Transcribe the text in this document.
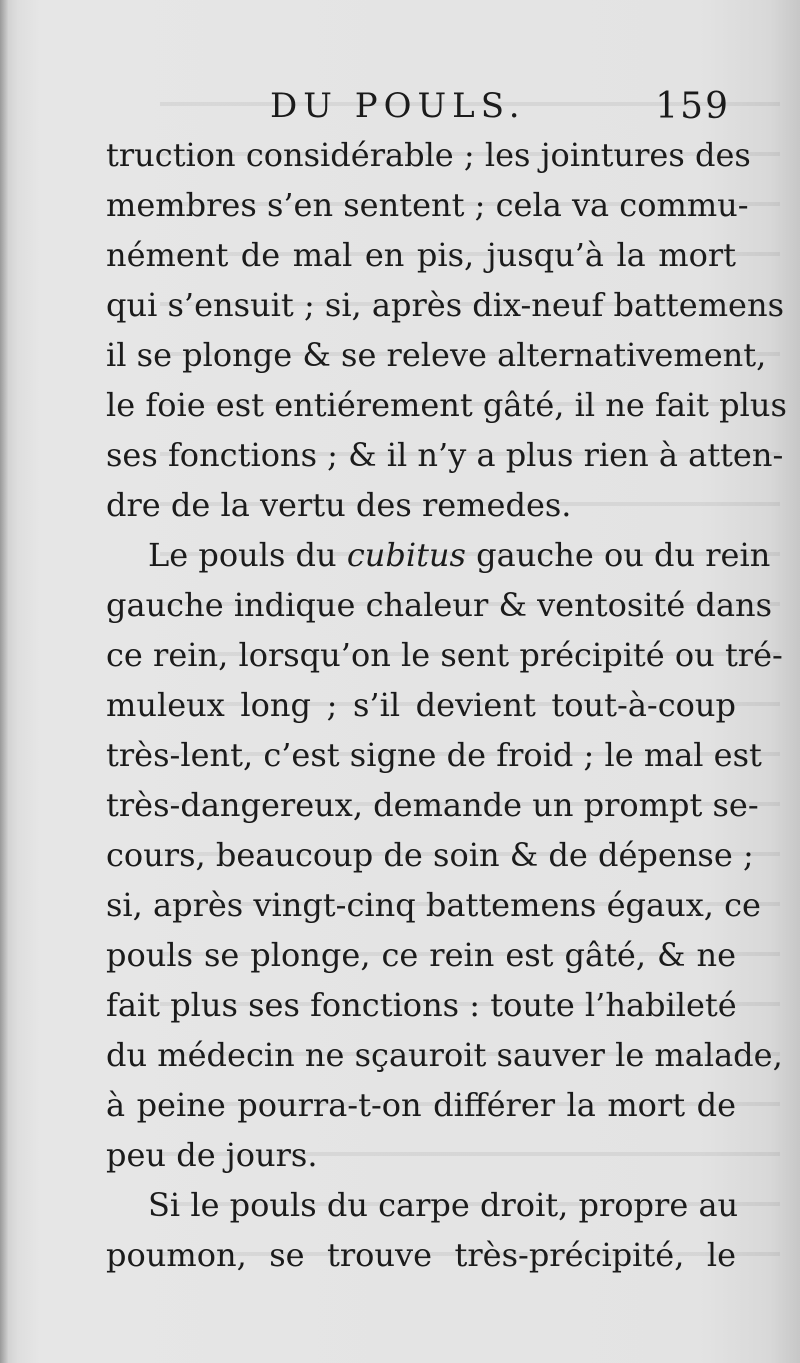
DU POULS.	159
truction considérable ; les jointures des
membres s’en sentent ; cela va commu-
nément de mal en pis, jusqu’à la mort
qui s’ensuit ; si, après dix-neuf battemens
il se plonge & se releve alternativement,
le foie est entiérement gâté, il ne fait plus
ses fonctions ; & il n’y a plus rien à atten-
dre de la vertu des remedes.
Le pouls du cubitus gauche ou du rein
gauche indique chaleur & ventosité dans
ce rein, lorsqu’on le sent précipité ou tré-
muleux long ; s’il devient tout-à-coup
très-lent, c’est signe de froid ; le mal est
très-dangereux, demande un prompt se-
cours, beaucoup de soin & de dépense ;
si, après vingt-cinq battemens égaux, ce
pouls se plonge, ce rein est gâté, & ne
fait plus ses fonctions : toute l’habileté
du médecin ne sçauroit sauver le malade,
à peine pourra-t-on différer la mort de
peu de jours.
Si le pouls du carpe droit, propre au
poumon, se trouve très-précipité, le
